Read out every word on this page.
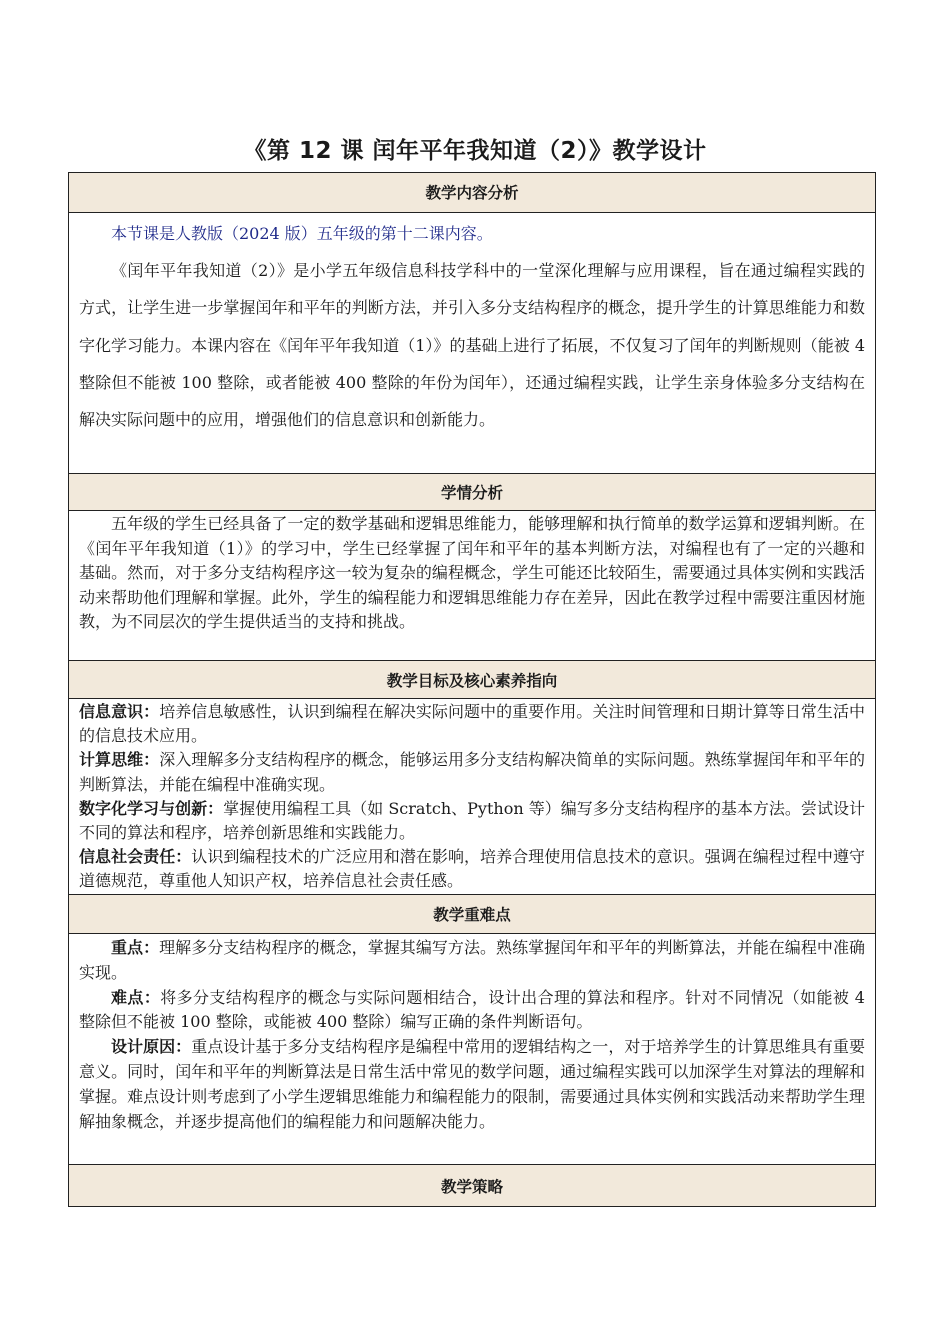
《第 12 课 闰年平年我知道（2）》教学设计
教学内容分析

本节课是人教版（2024 版）五年级的第十二课内容。

《闰年平年我知道（2）》是小学五年级信息科技学科中的一堂深化理解与应用课程，旨在通过编程实践的方式，让学生进一步掌握闰年和平年的判断方法，并引入多分支结构程序的概念，提升学生的计算思维能力和数字化学习能力。本课内容在《闰年平年我知道（1）》的基础上进行了拓展，不仅复习了闰年的判断规则（能被 4 整除但不能被 100 整除，或者能被 400 整除的年份为闰年），还通过编程实践，让学生亲身体验多分支结构在解决实际问题中的应用，增强他们的信息意识和创新能力。

学情分析

五年级的学生已经具备了一定的数学基础和逻辑思维能力，能够理解和执行简单的数学运算和逻辑判断。在《闰年平年我知道（1）》的学习中，学生已经掌握了闰年和平年的基本判断方法，对编程也有了一定的兴趣和基础。然而，对于多分支结构程序这一较为复杂的编程概念，学生可能还比较陌生，需要通过具体实例和实践活动来帮助他们理解和掌握。此外，学生的编程能力和逻辑思维能力存在差异，因此在教学过程中需要注重因材施教，为不同层次的学生提供适当的支持和挑战。

教学目标及核心素养指向

信息意识：培养信息敏感性，认识到编程在解决实际问题中的重要作用。关注时间管理和日期计算等日常生活中的信息技术应用。

计算思维：深入理解多分支结构程序的概念，能够运用多分支结构解决简单的实际问题。熟练掌握闰年和平年的判断算法，并能在编程中准确实现。

数字化学习与创新：掌握使用编程工具（如 Scratch、Python 等）编写多分支结构程序的基本方法。尝试设计不同的算法和程序，培养创新思维和实践能力。

信息社会责任：认识到编程技术的广泛应用和潜在影响，培养合理使用信息技术的意识。强调在编程过程中遵守道德规范，尊重他人知识产权，培养信息社会责任感。

教学重难点

重点：理解多分支结构程序的概念，掌握其编写方法。熟练掌握闰年和平年的判断算法，并能在编程中准确实现。

难点：将多分支结构程序的概念与实际问题相结合，设计出合理的算法和程序。针对不同情况（如能被 4 整除但不能被 100 整除，或能被 400 整除）编写正确的条件判断语句。

设计原因：重点设计基于多分支结构程序是编程中常用的逻辑结构之一，对于培养学生的计算思维具有重要意义。同时，闰年和平年的判断算法是日常生活中常见的数学问题，通过编程实践可以加深学生对算法的理解和掌握。难点设计则考虑到了小学生逻辑思维能力和编程能力的限制，需要通过具体实例和实践活动来帮助学生理解抽象概念，并逐步提高他们的编程能力和问题解决能力。

教学策略
